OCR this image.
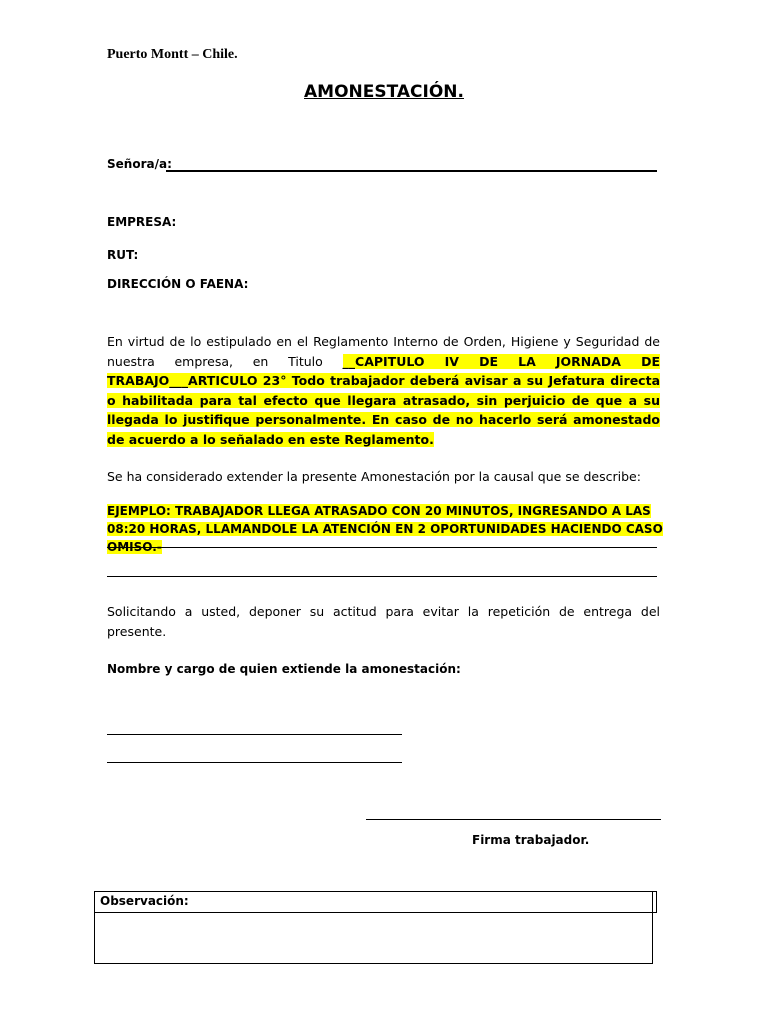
Puerto Montt – Chile.
AMONESTACIÓN.
Señora/a:
EMPRESA:
RUT:
DIRECCIÓN O FAENA:
En virtud de lo estipulado en el Reglamento Interno de Orden, Higiene y Seguridad de nuestra empresa, en Titulo __CAPITULO IV DE LA JORNADA DE TRABAJO___ARTICULO 23° Todo trabajador deberá avisar a su Jefatura directa o habilitada para tal efecto que llegara atrasado, sin perjuicio de que a su llegada lo justifique personalmente. En caso de no hacerlo será amonestado de acuerdo a lo señalado en este Reglamento.
Se ha considerado extender la presente Amonestación por la causal que se describe:
EJEMPLO: TRABAJADOR LLEGA ATRASADO CON 20 MINUTOS, INGRESANDO A LAS 08:20 HORAS, LLAMANDOLE LA ATENCIÓN EN 2 OPORTUNIDADES HACIENDO CASO OMISO.-
Solicitando a usted, deponer su actitud para evitar la repetición de entrega del presente.
Nombre y cargo de quien extiende la amonestación:
Firma trabajador.
Observación:
